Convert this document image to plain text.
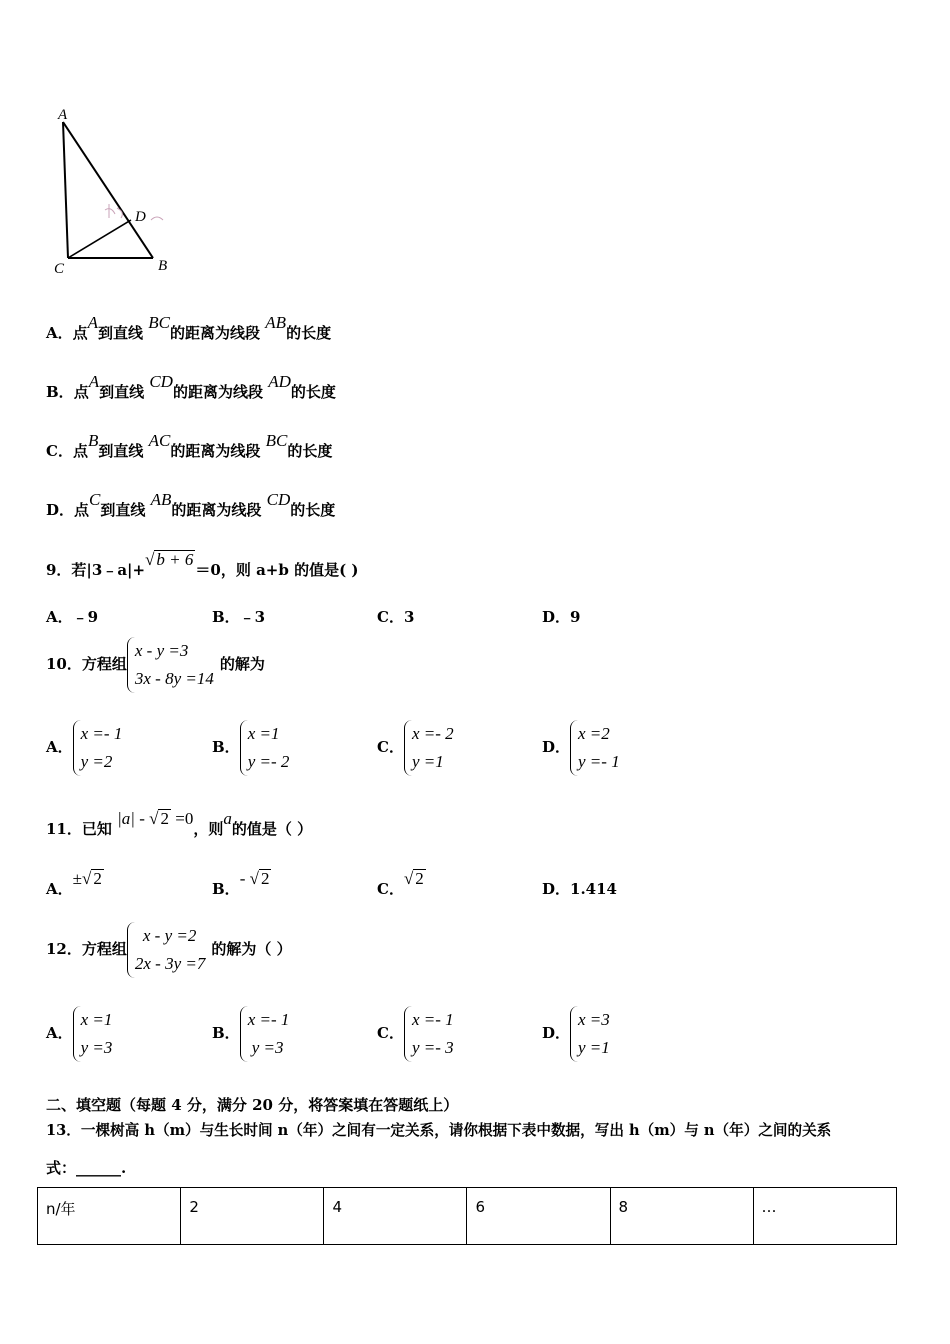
A
D
C	B
A．点A到直线 BC的距离为线段 AB的长度
B．点A到直线 CD的距离为线段 AD的长度
C．点B到直线 AC的距离为线段 BC的长度
D．点C到直线 AB的距离为线段 CD的长度
9．若|3﹣a|+√ b + 6＝0，则 a+b 的值是( )
A．﹣9	B．﹣3	C．3	D．9
10．方程组
x - y =3
3x - 8y =14
的解为
A．
x =- 1
y =2
B．
x =1
y =- 2
C．
x =- 2
y =1
D．
x =2
y =- 1
11．已知 |a| - √ 2 =0，则a的值是（ ）
A．±√ 2
B．- √ 2
C．√ 2
D．1.414
12．方程组
x - y =2
2x - 3y =7
的解为（ ）
A．
x =1
y =3
B．
x =- 1
y =3
C．
x =- 1
y =- 3
D．
x =3
y =1
二、填空题（每题 4 分，满分 20 分，将答案填在答题纸上）
13．一棵树高 h（m）与生长时间 n（年）之间有一定关系，请你根据下表中数据，写出 h（m）与 n（年）之间的关系
式：______.
n/年	2	4	6	8	…
